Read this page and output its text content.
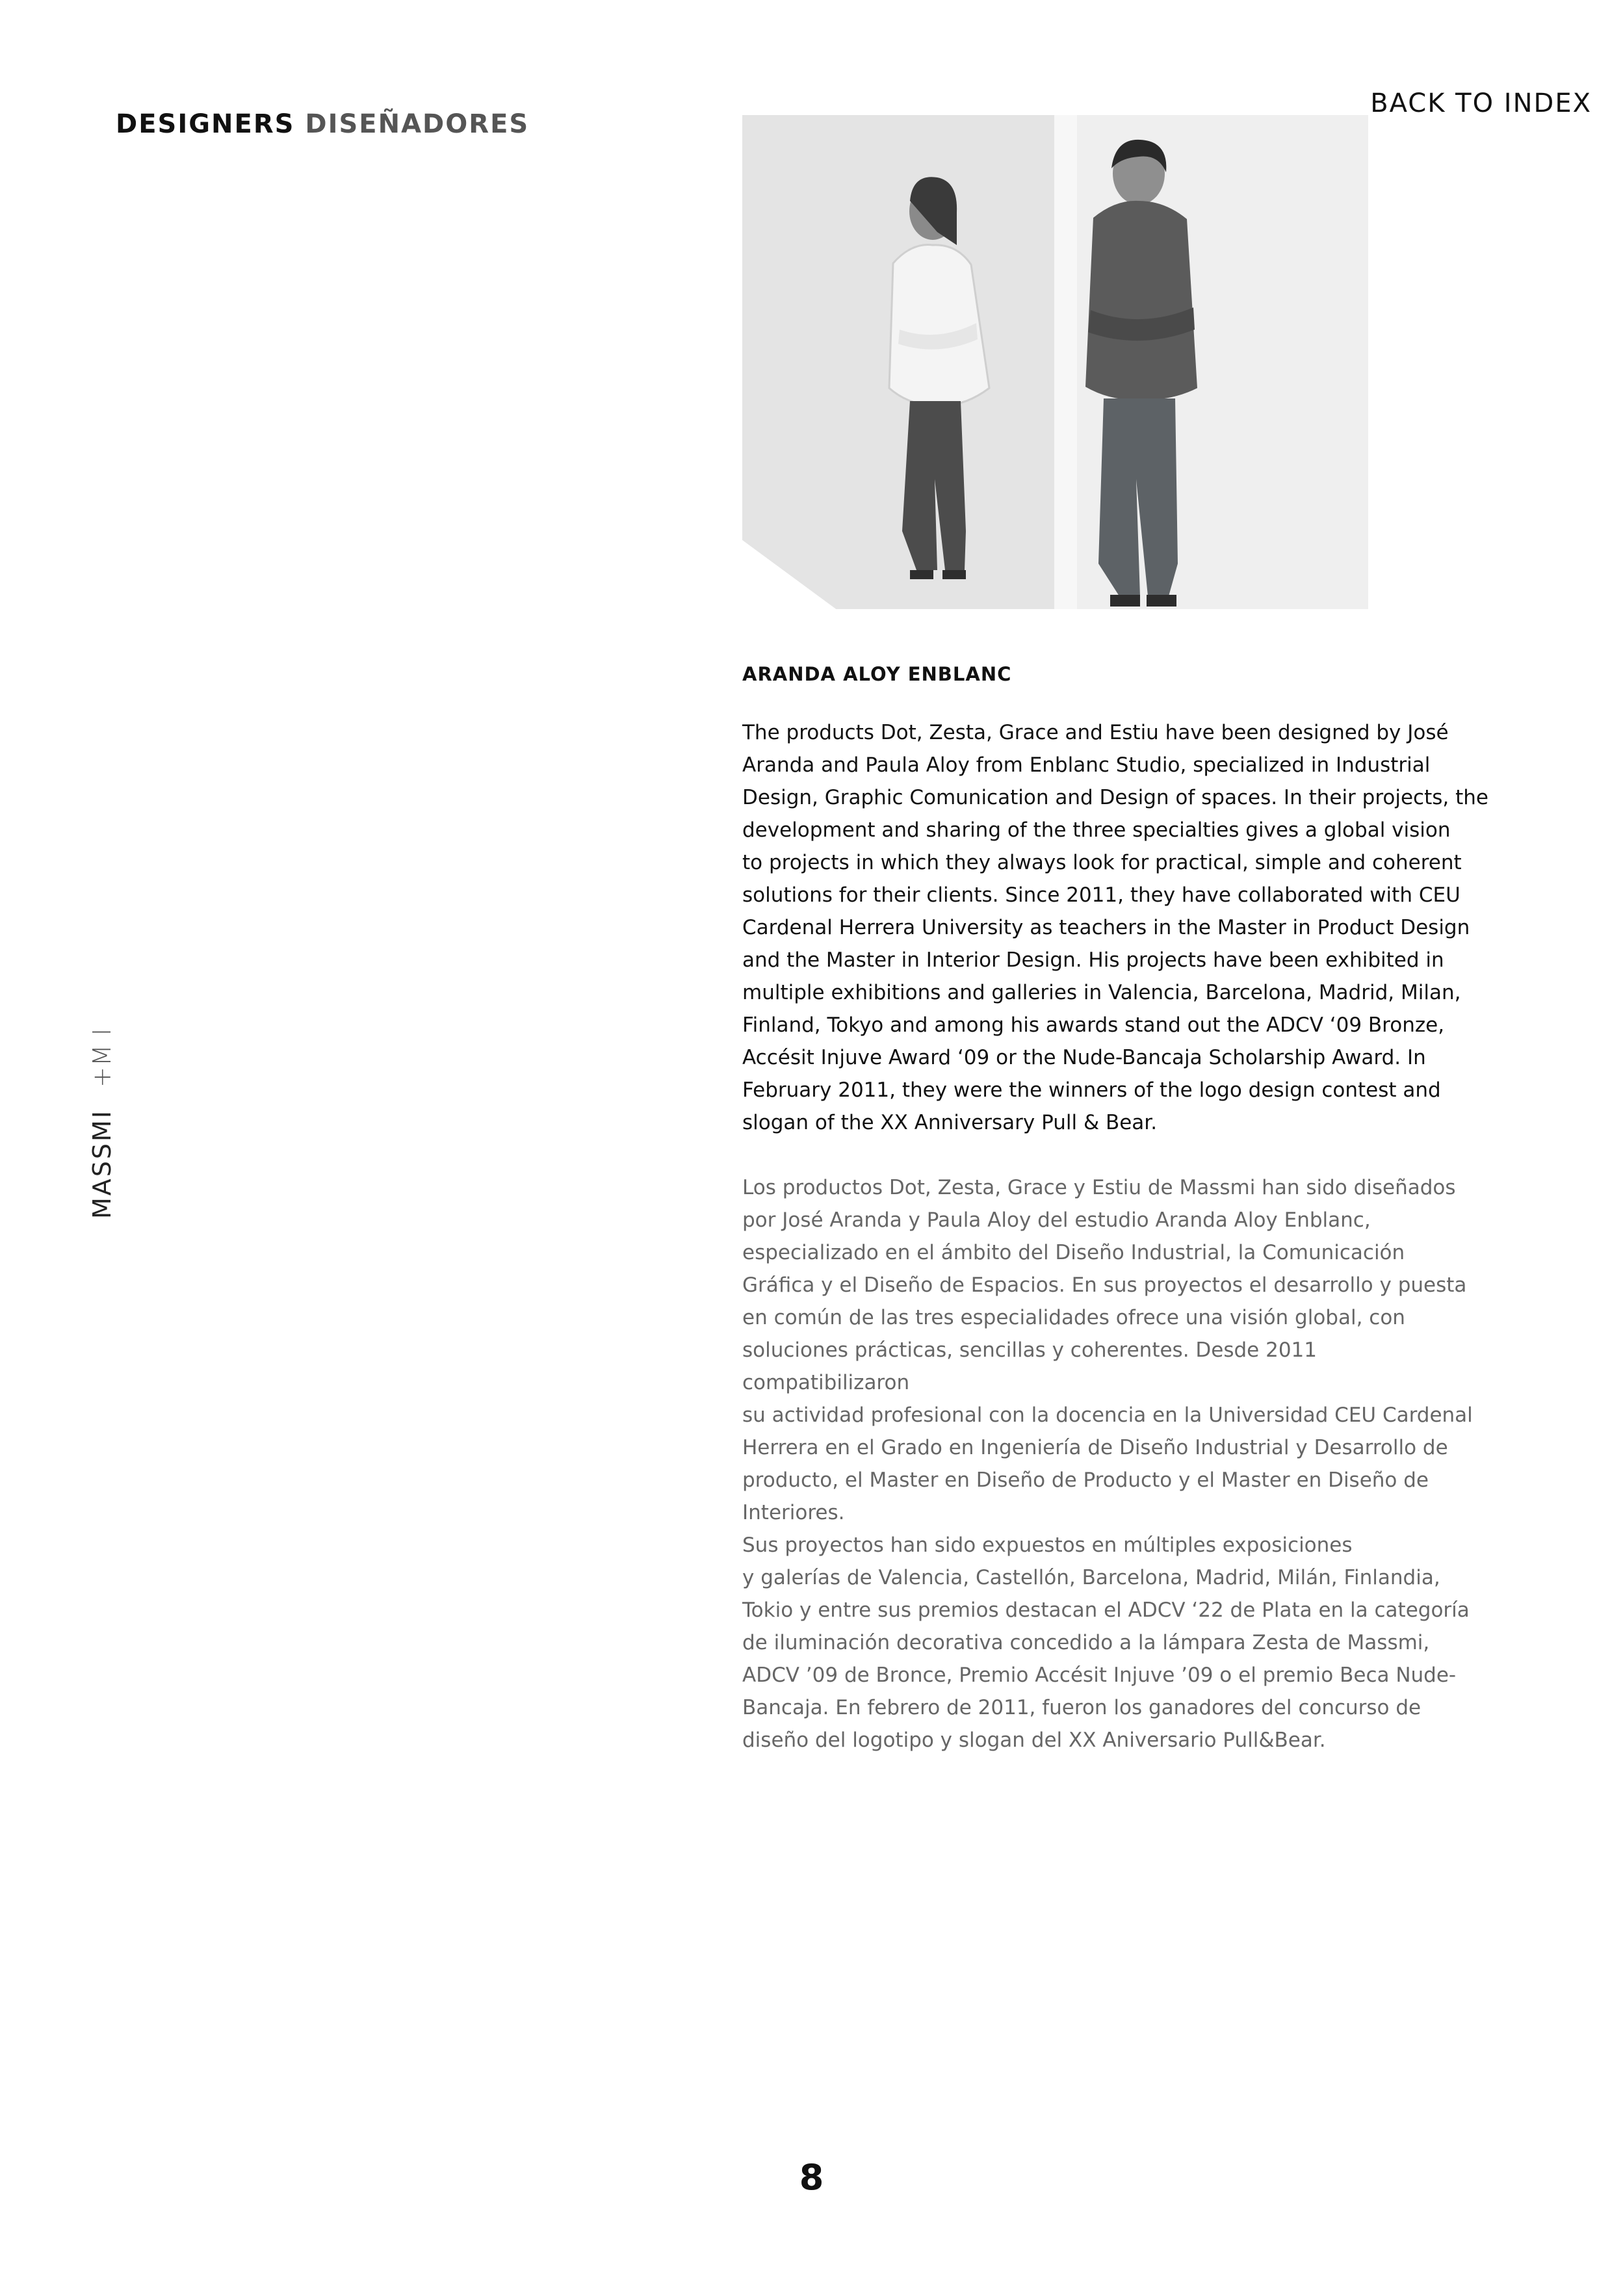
DESIGNERS DISEÑADORES
BACK TO INDEX
MASSMI +M I
ARANDA ALOY ENBLANC

The products Dot, Zesta, Grace and Estiu have been designed by José
Aranda and Paula Aloy from Enblanc Studio, specialized in Industrial
Design, Graphic Comunication and Design of spaces. In their projects, the
development and sharing of the three specialties gives a global vision
to projects in which they always look for practical, simple and coherent
solutions for their clients. Since 2011, they have collaborated with CEU
Cardenal Herrera University as teachers in the Master in Product Design
and the Master in Interior Design. His projects have been exhibited in
multiple exhibitions and galleries in Valencia, Barcelona, Madrid, Milan,
Finland, Tokyo and among his awards stand out the ADCV ‘09 Bronze,
Accésit Injuve Award ‘09 or the Nude-Bancaja Scholarship Award. In
February 2011, they were the winners of the logo design contest and
slogan of the XX Anniversary Pull & Bear.

Los productos Dot, Zesta, Grace y Estiu de Massmi han sido diseñados
por José Aranda y Paula Aloy del estudio Aranda Aloy Enblanc,
especializado en el ámbito del Diseño Industrial, la Comunicación
Gráfica y el Diseño de Espacios. En sus proyectos el desarrollo y puesta
en común de las tres especialidades ofrece una visión global, con
soluciones prácticas, sencillas y coherentes. Desde 2011 compatibilizaron
su actividad profesional con la docencia en la Universidad CEU Cardenal
Herrera en el Grado en Ingeniería de Diseño Industrial y Desarrollo de
producto, el Master en Diseño de Producto y el Master en Diseño de
Interiores.
Sus proyectos han sido expuestos en múltiples exposiciones
y galerías de Valencia, Castellón, Barcelona, Madrid, Milán, Finlandia,
Tokio y entre sus premios destacan el ADCV ‘22 de Plata en la categoría
de iluminación decorativa concedido a la lámpara Zesta de Massmi,
ADCV ’09 de Bronce, Premio Accésit Injuve ’09 o el premio Beca Nude-
Bancaja. En febrero de 2011, fueron los ganadores del concurso de
diseño del logotipo y slogan del XX Aniversario Pull&Bear.

8
